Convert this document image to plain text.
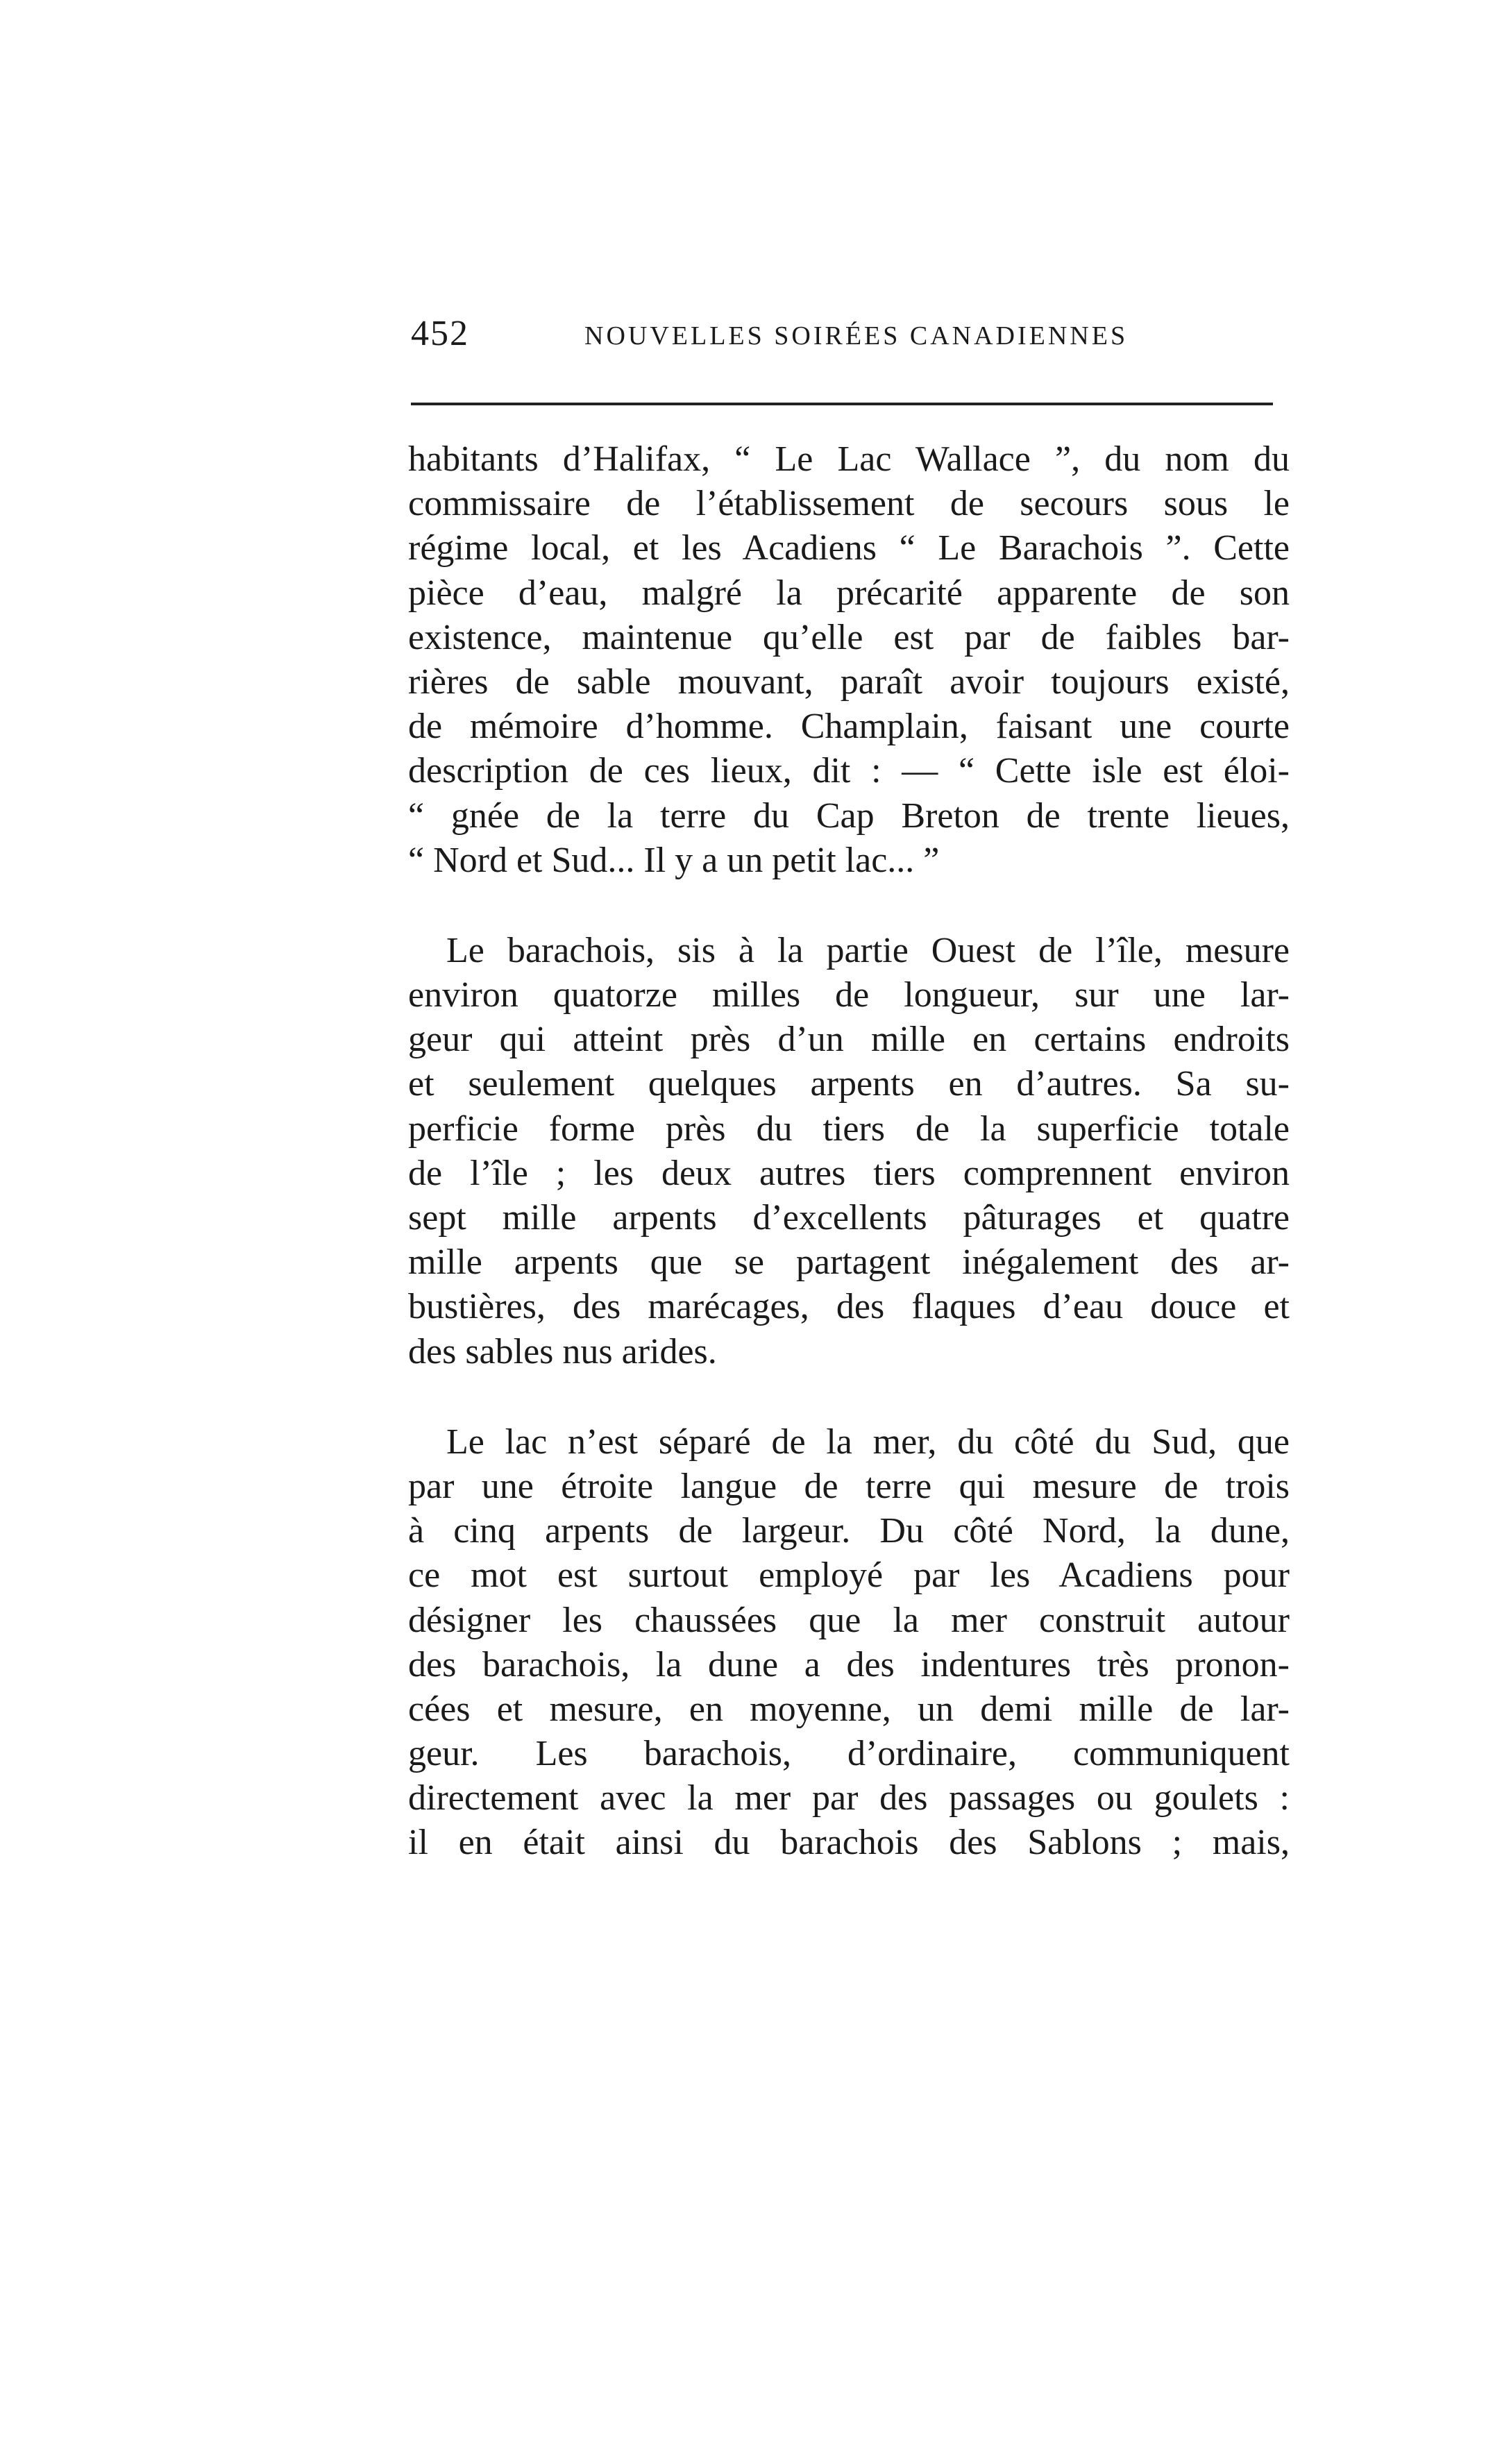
452	NOUVELLES SOIRÉES CANADIENNES
habitants d’Halifax, “ Le Lac Wallace ”, du nom du
commissaire de l’établissement de secours sous le
régime local, et les Acadiens “ Le Barachois ”. Cette
pièce d’eau, malgré la précarité apparente de son
existence, maintenue qu’elle est par de faibles bar-
rières de sable mouvant, paraît avoir toujours existé,
de mémoire d’homme. Champlain, faisant une courte
description de ces lieux, dit : — “ Cette isle est éloi-
“ gnée de la terre du Cap Breton de trente lieues,
“ Nord et Sud... Il y a un petit lac... ”
Le barachois, sis à la partie Ouest de l’île, mesure
environ quatorze milles de longueur, sur une lar-
geur qui atteint près d’un mille en certains endroits
et seulement quelques arpents en d’autres. Sa su-
perficie forme près du tiers de la superficie totale
de l’île ; les deux autres tiers comprennent environ
sept mille arpents d’excellents pâturages et quatre
mille arpents que se partagent inégalement des ar-
bustières, des marécages, des flaques d’eau douce et
des sables nus arides.
Le lac n’est séparé de la mer, du côté du Sud, que
par une étroite langue de terre qui mesure de trois
à cinq arpents de largeur. Du côté Nord, la dune,
ce mot est surtout employé par les Acadiens pour
désigner les chaussées que la mer construit autour
des barachois, la dune a des indentures très pronon-
cées et mesure, en moyenne, un demi mille de lar-
geur. Les barachois, d’ordinaire, communiquent
directement avec la mer par des passages ou goulets :
il en était ainsi du barachois des Sablons ; mais,
